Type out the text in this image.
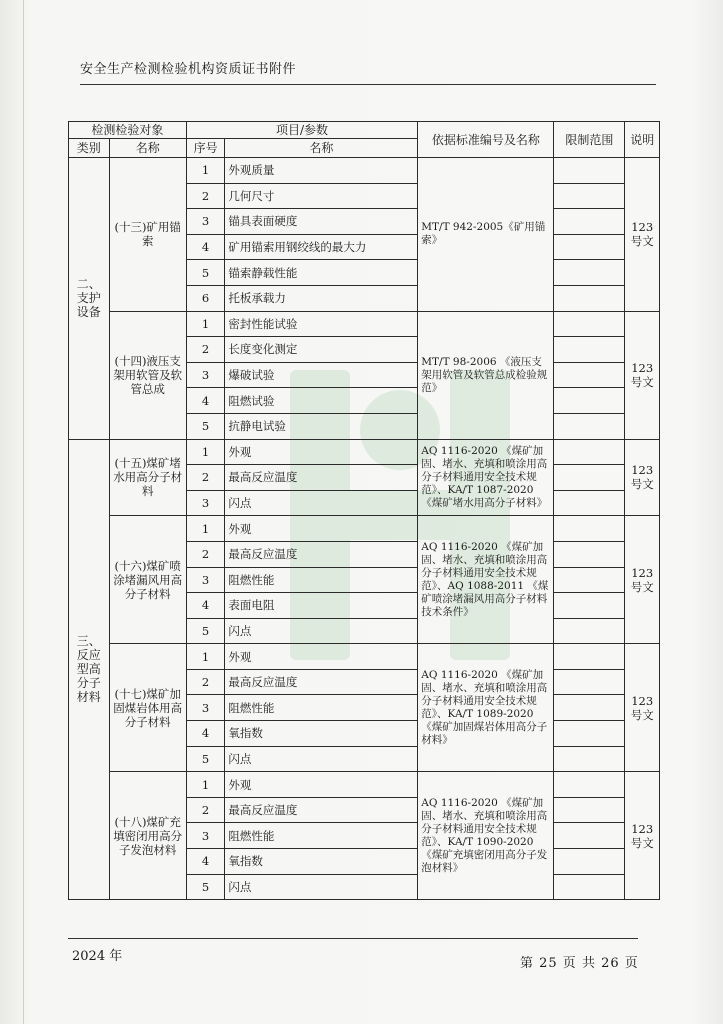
安全生产检测检验机构资质证书附件
检测检验对象		项目/参数		依据标准编号及名称	限制范围	说明
类别	名称	序号	名称			
二、支护设备	(十三)矿用锚索	1	外观质量	MT/T 942-2005《矿用锚索》		123号文
		2	几何尺寸			
		3	锚具表面硬度			
		4	矿用锚索用钢绞线的最大力			
		5	锚索静载性能			
		6	托板承载力			
	(十四)液压支架用软管及软管总成	1	密封性能试验	MT/T 98-2006 《液压支架用软管及软管总成检验规范》		123号文
		2	长度变化测定			
		3	爆破试验			
		4	阻燃试验			
		5	抗静电试验			
三、反应型高分子材料	(十五)煤矿堵水用高分子材料	1	外观	AQ 1116-2020 《煤矿加固、堵水、充填和喷涂用高分子材料通用安全技术规范》、KA/T 1087-2020 《煤矿堵水用高分子材料》		123号文
		2	最高反应温度			
		3	闪点			
	(十六)煤矿喷涂堵漏风用高分子材料	1	外观	AQ 1116-2020 《煤矿加固、堵水、充填和喷涂用高分子材料通用安全技术规范》、AQ 1088-2011 《煤矿喷涂堵漏风用高分子材料技术条件》		123号文
		2	最高反应温度			
		3	阻燃性能			
		4	表面电阻			
		5	闪点			
	(十七)煤矿加固煤岩体用高分子材料	1	外观	AQ 1116-2020 《煤矿加固、堵水、充填和喷涂用高分子材料通用安全技术规范》、KA/T 1089-2020《煤矿加固煤岩体用高分子材料》		123号文
		2	最高反应温度			
		3	阻燃性能			
		4	氧指数			
		5	闪点			
	(十八)煤矿充填密闭用高分子发泡材料	1	外观	AQ 1116-2020 《煤矿加固、堵水、充填和喷涂用高分子材料通用安全技术规范》、KA/T 1090-2020《煤矿充填密闭用高分子发泡材料》		123号文
		2	最高反应温度			
		3	阻燃性能			
		4	氧指数			
		5	闪点			
2024 年	第 25 页 共 26 页
